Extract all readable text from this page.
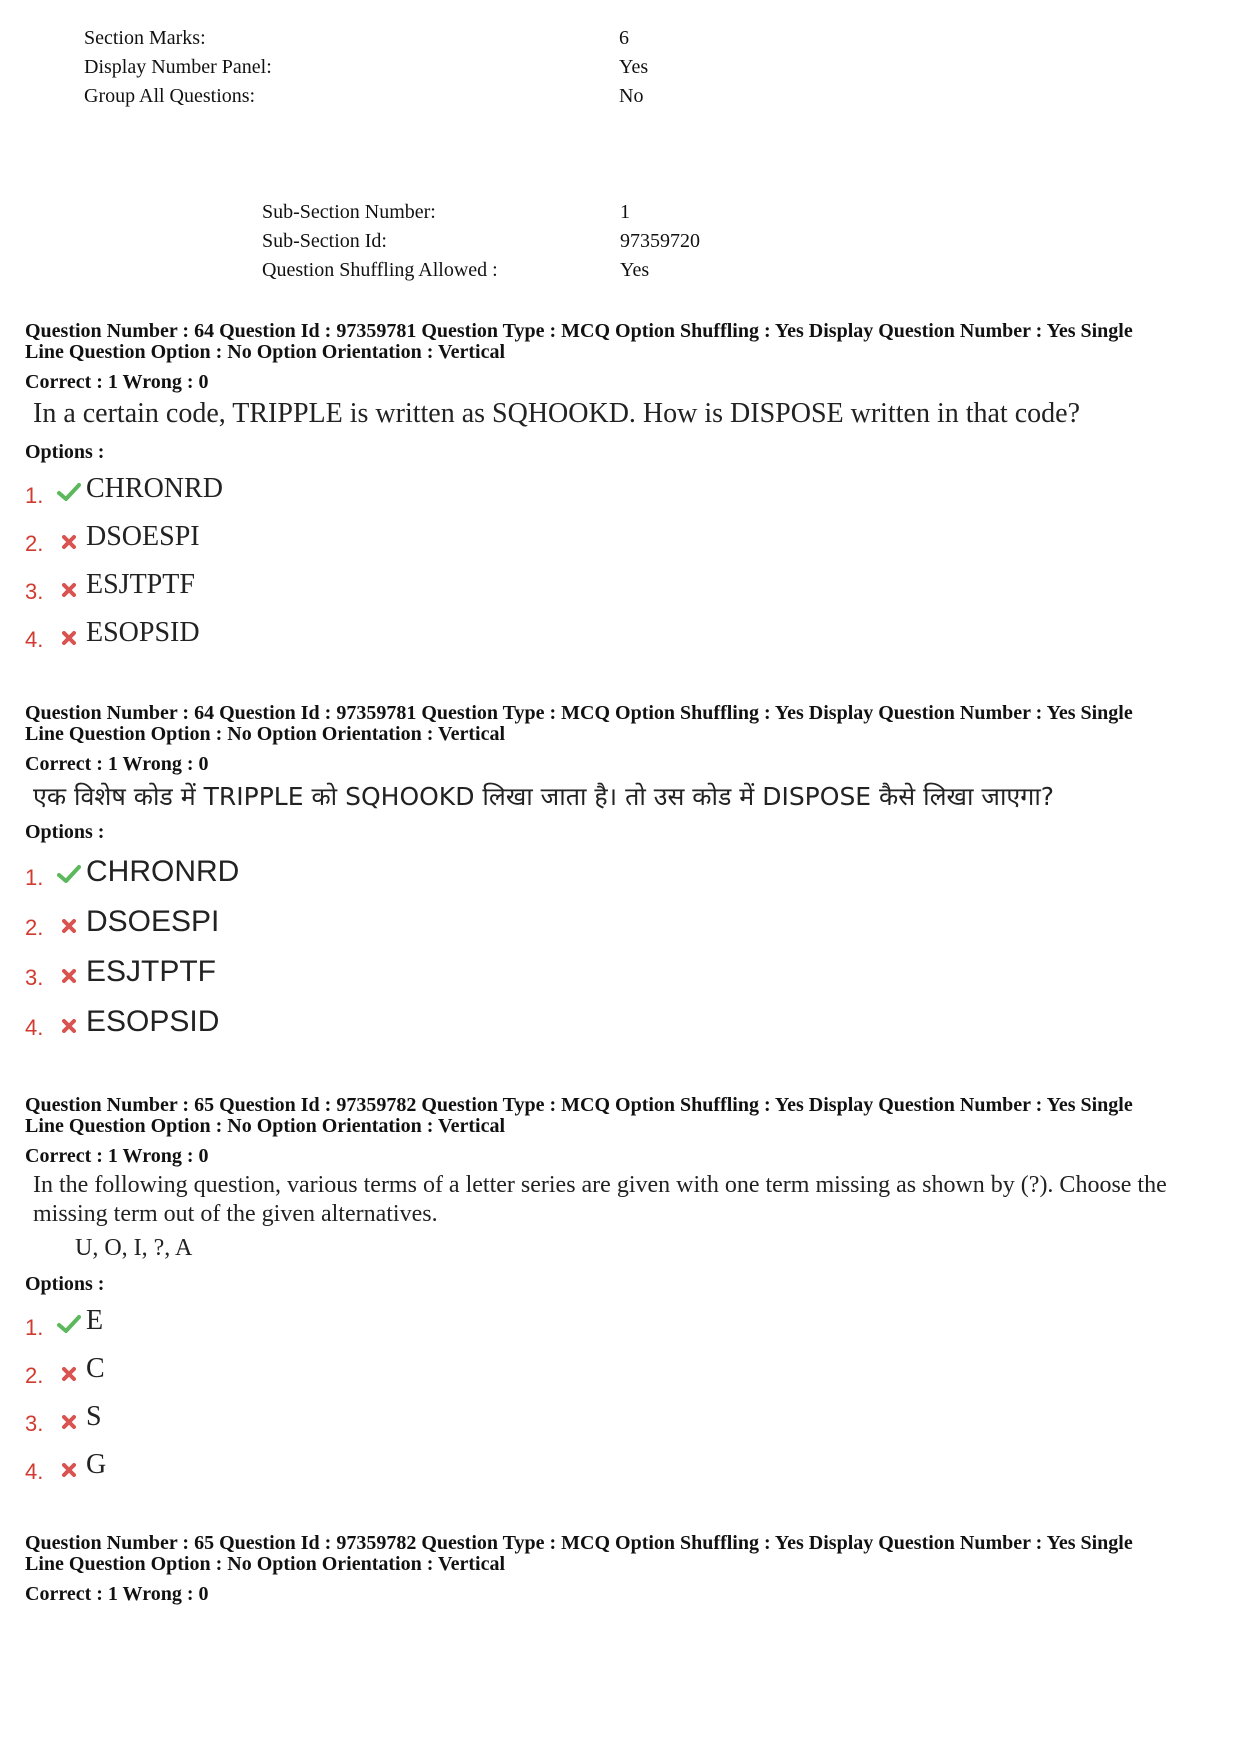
Section Marks:	6
Display Number Panel:	Yes
Group All Questions:	No
Sub-Section Number:	1
Sub-Section Id:	97359720
Question Shuffling Allowed :	Yes
Question Number : 64 Question Id : 97359781 Question Type : MCQ Option Shuffling : Yes Display Question Number : Yes Single
Line Question Option : No Option Orientation : Vertical
Correct : 1 Wrong : 0
In a certain code, TRIPPLE is written as SQHOOKD. How is DISPOSE written in that code?
Options :
1.	CHRONRD
2.	DSOESPI
3.	ESJTPTF
4.	ESOPSID
Question Number : 64 Question Id : 97359781 Question Type : MCQ Option Shuffling : Yes Display Question Number : Yes Single
Line Question Option : No Option Orientation : Vertical
Correct : 1 Wrong : 0
एक विशेष कोड में TRIPPLE को SQHOOKD लिखा जाता है। तो उस कोड में DISPOSE कैसे लिखा जाएगा?
Options :
1. CHRONRD
2. DSOESPI
3. ESJTPTF
4. ESOPSID
Question Number : 65 Question Id : 97359782 Question Type : MCQ Option Shuffling : Yes Display Question Number : Yes Single
Line Question Option : No Option Orientation : Vertical
Correct : 1 Wrong : 0
In the following question, various terms of a letter series are given with one term missing as shown by (?). Choose the missing term out of the given alternatives.
U, O, I, ?, A
Options :
1.	E
2.	C
3.	S
4.	G
Question Number : 65 Question Id : 97359782 Question Type : MCQ Option Shuffling : Yes Display Question Number : Yes Single
Line Question Option : No Option Orientation : Vertical
Correct : 1 Wrong : 0
